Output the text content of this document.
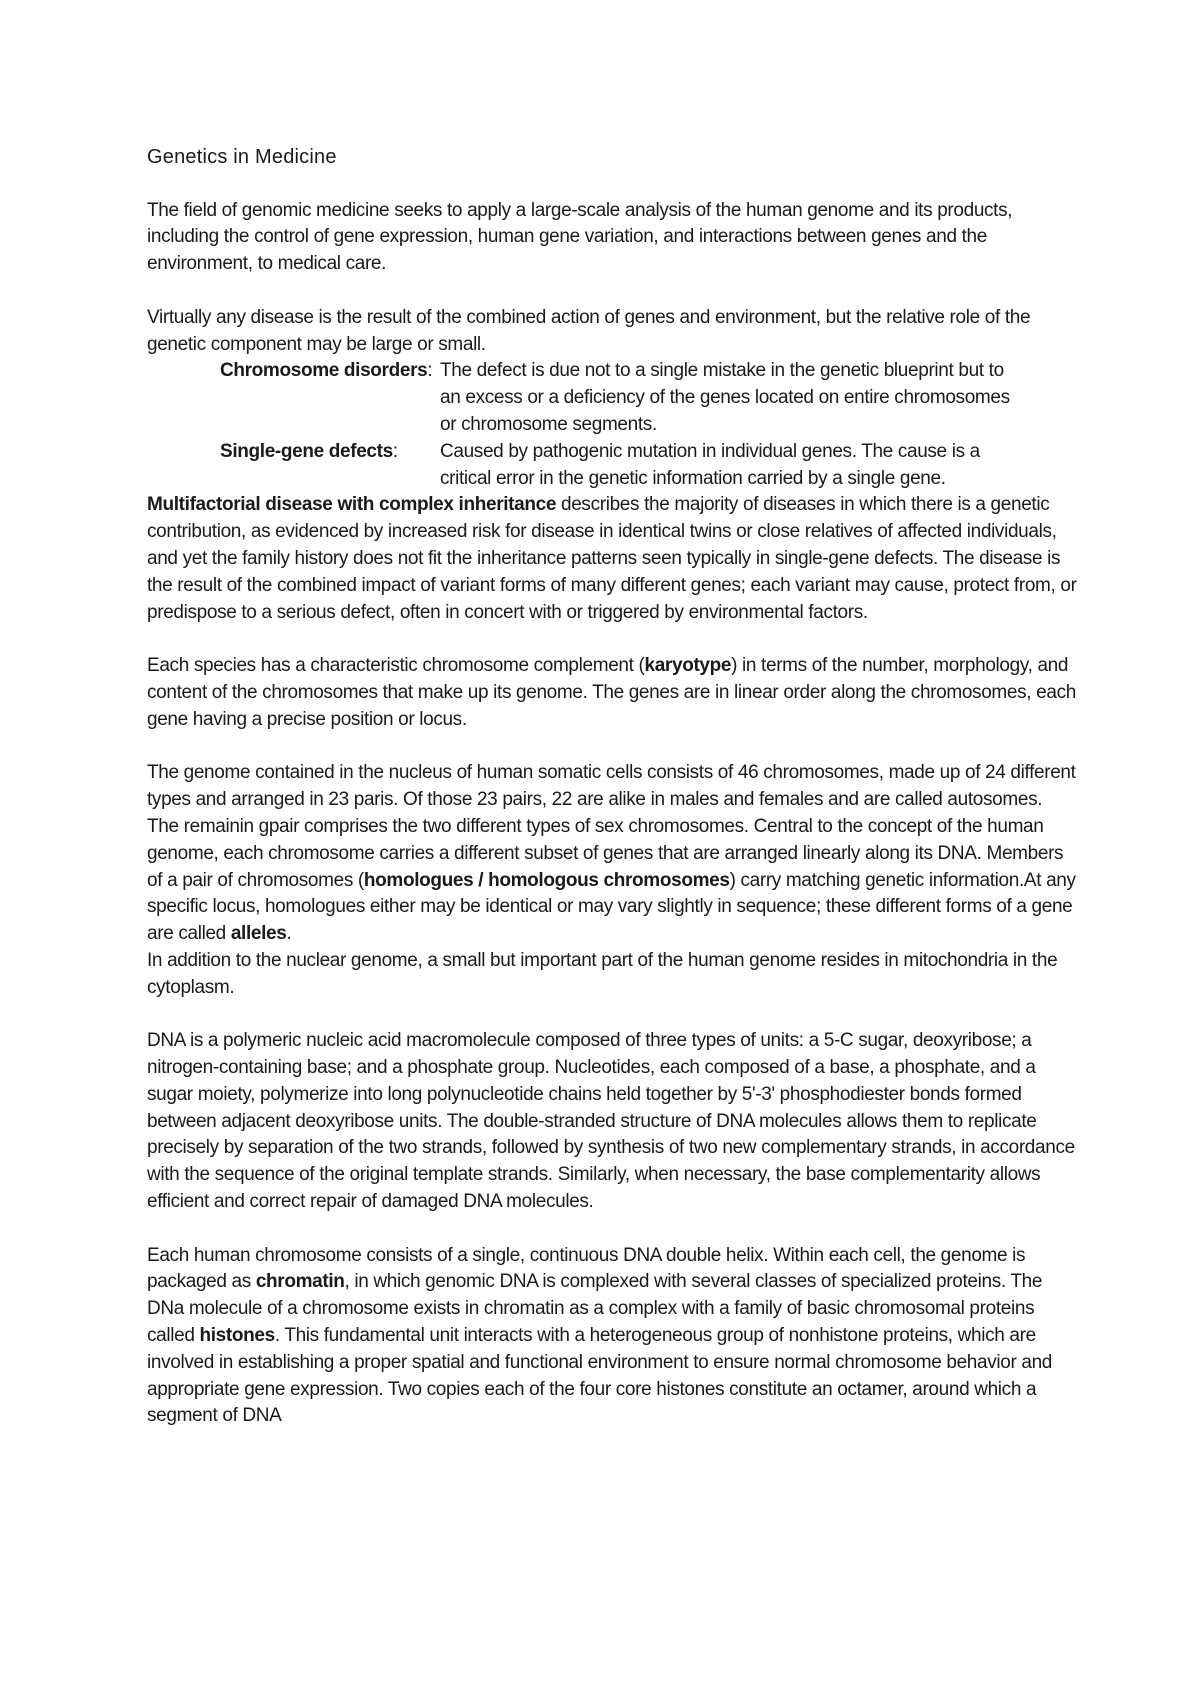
Genetics in Medicine

The field of genomic medicine seeks to apply a large-scale analysis of the human genome and its products, including the control of gene expression, human gene variation, and interactions between genes and the environment, to medical care.

Virtually any disease is the result of the combined action of genes and environment, but the relative role of the genetic component may be large or small.

Chromosome disorders: The defect is due not to a single mistake in the genetic blueprint but to an excess or a deficiency of the genes located on entire chromosomes or chromosome segments.
Single-gene defects:	Caused by pathogenic mutation in individual genes. The cause is a critical error in the genetic information carried by a single gene.

Multifactorial disease with complex inheritance describes the majority of diseases in which there is a genetic contribution, as evidenced by increased risk for disease in identical twins or close relatives of affected individuals, and yet the family history does not fit the inheritance patterns seen typically in single-gene defects. The disease is the result of the combined impact of variant forms of many different genes; each variant may cause, protect from, or predispose to a serious defect, often in concert with or triggered by environmental factors.

Each species has a characteristic chromosome complement (karyotype) in terms of the number, morphology, and content of the chromosomes that make up its genome. The genes are in linear order along the chromosomes, each gene having a precise position or locus.

The genome contained in the nucleus of human somatic cells consists of 46 chromosomes, made up of 24 different types and arranged in 23 paris. Of those 23 pairs, 22 are alike in males and females and are called autosomes. The remainin gpair comprises the two different types of sex chromosomes. Central to the concept of the human genome, each chromosome carries a different subset of genes that are arranged linearly along its DNA. Members of a pair of chromosomes (homologues / homologous chromosomes) carry matching genetic information.At any specific locus, homologues either may be identical or may vary slightly in sequence; these different forms of a gene are called alleles.

In addition to the nuclear genome, a small but important part of the human genome resides in mitochondria in the cytoplasm.

DNA is a polymeric nucleic acid macromolecule composed of three types of units: a 5-C sugar, deoxyribose; a nitrogen-containing base; and a phosphate group. Nucleotides, each composed of a base, a phosphate, and a sugar moiety, polymerize into long polynucleotide chains held together by 5'-3' phosphodiester bonds formed between adjacent deoxyribose units. The double-stranded structure of DNA molecules allows them to replicate precisely by separation of the two strands, followed by synthesis of two new complementary strands, in accordance with the sequence of the original template strands. Similarly, when necessary, the base complementarity allows efficient and correct repair of damaged DNA molecules.

Each human chromosome consists of a single, continuous DNA double helix. Within each cell, the genome is packaged as chromatin, in which genomic DNA is complexed with several classes of specialized proteins. The DNa molecule of a chromosome exists in chromatin as a complex with a family of basic chromosomal proteins called histones. This fundamental unit interacts with a heterogeneous group of nonhistone proteins, which are involved in establishing a proper spatial and functional environment to ensure normal chromosome behavior and appropriate gene expression. Two copies each of the four core histones constitute an octamer, around which a segment of DNA
